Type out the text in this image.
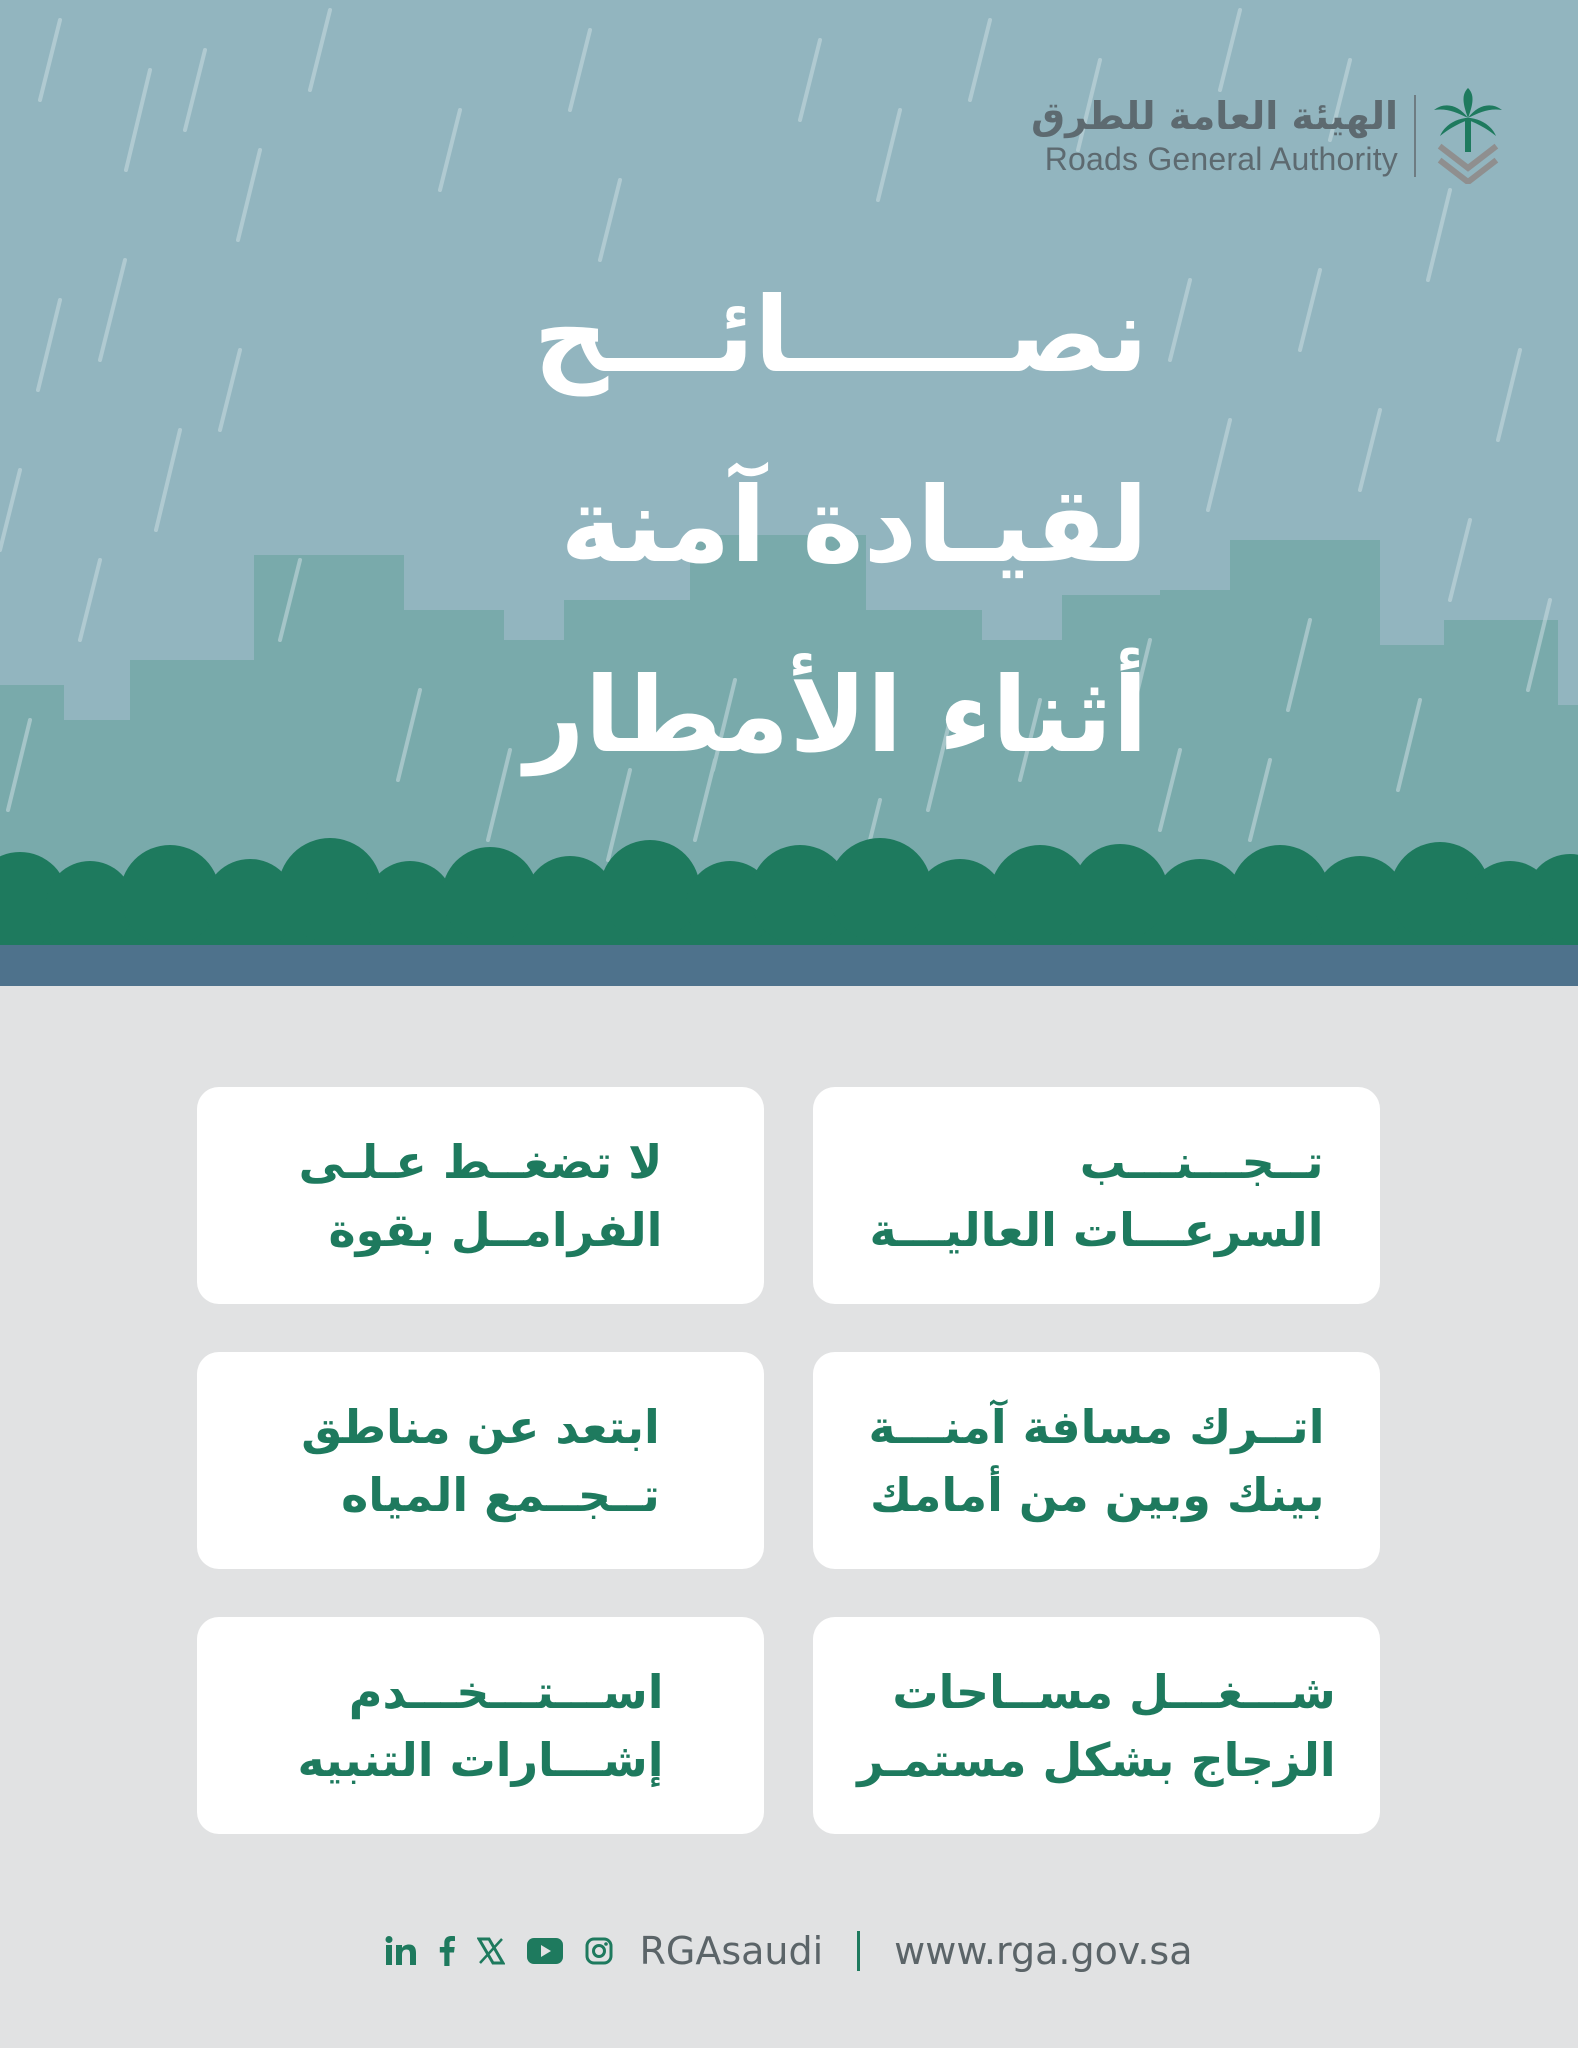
الهيئة العامة للطرق
Roads General Authority
نصــــــائـــح
لقيـادة آمنة
أثناء الأمطار
تــجـــنـــب
السرعـــات العاليـــة
لا تضغــط عـلـى
الفرامــل بقوة
اتــرك مسافة آمنـــة
بينك وبين من أمامك
ابتعد عن مناطق
تــجــمع المياه
شـــغـــل مســاحات
الزجاج بشكل مستمـر
اســـتـــخـــدم
إشـــارات التنبيه
RGAsaudi www.rga.gov.sa
